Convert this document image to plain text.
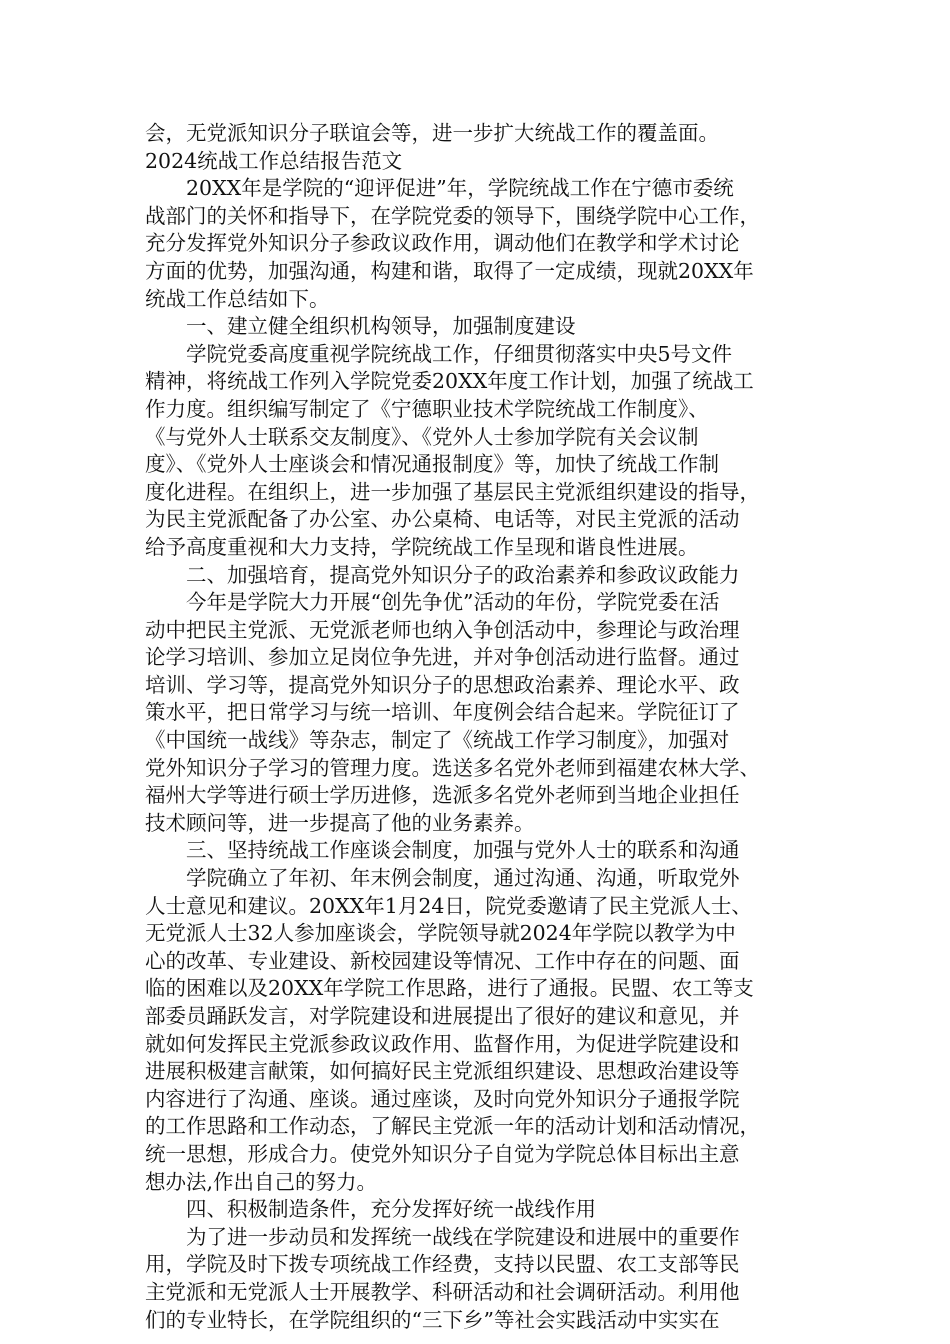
会，无党派知识分子联谊会等，进一步扩大统战工作的覆盖面。
2024统战工作总结报告范文
20XX年是学院的“迎评促进”年，学院统战工作在宁德市委统
战部门的关怀和指导下，在学院党委的领导下，围绕学院中心工作，
充分发挥党外知识分子参政议政作用，调动他们在教学和学术讨论
方面的优势，加强沟通，构建和谐，取得了一定成绩，现就20XX年
统战工作总结如下。
一、建立健全组织机构领导，加强制度建设
学院党委高度重视学院统战工作，仔细贯彻落实中央5号文件
精神，将统战工作列入学院党委20XX年度工作计划，加强了统战工
作力度。组织编写制定了《宁德职业技术学院统战工作制度》、
《与党外人士联系交友制度》、《党外人士参加学院有关会议制
度》、《党外人士座谈会和情况通报制度》等，加快了统战工作制
度化进程。在组织上，进一步加强了基层民主党派组织建设的指导，
为民主党派配备了办公室、办公桌椅、电话等，对民主党派的活动
给予高度重视和大力支持，学院统战工作呈现和谐良性进展。
二、加强培育，提高党外知识分子的政治素养和参政议政能力
今年是学院大力开展“创先争优”活动的年份，学院党委在活
动中把民主党派、无党派老师也纳入争创活动中，参理论与政治理
论学习培训、参加立足岗位争先进，并对争创活动进行监督。通过
培训、学习等，提高党外知识分子的思想政治素养、理论水平、政
策水平，把日常学习与统一培训、年度例会结合起来。学院征订了
《中国统一战线》等杂志，制定了《统战工作学习制度》，加强对
党外知识分子学习的管理力度。选送多名党外老师到福建农林大学、
福州大学等进行硕士学历进修，选派多名党外老师到当地企业担任
技术顾问等，进一步提高了他的业务素养。
三、坚持统战工作座谈会制度，加强与党外人士的联系和沟通
学院确立了年初、年末例会制度，通过沟通、沟通，听取党外
人士意见和建议。20XX年1月24日，院党委邀请了民主党派人士、
无党派人士32人参加座谈会，学院领导就2024年学院以教学为中
心的改革、专业建设、新校园建设等情况、工作中存在的问题、面
临的困难以及20XX年学院工作思路，进行了通报。民盟、农工等支
部委员踊跃发言，对学院建设和进展提出了很好的建议和意见，并
就如何发挥民主党派参政议政作用、监督作用，为促进学院建设和
进展积极建言献策，如何搞好民主党派组织建设、思想政治建设等
内容进行了沟通、座谈。通过座谈，及时向党外知识分子通报学院
的工作思路和工作动态，了解民主党派一年的活动计划和活动情况，
统一思想，形成合力。使党外知识分子自觉为学院总体目标出主意
想办法,作出自己的努力。
四、积极制造条件，充分发挥好统一战线作用
为了进一步动员和发挥统一战线在学院建设和进展中的重要作
用，学院及时下拨专项统战工作经费，支持以民盟、农工支部等民
主党派和无党派人士开展教学、科研活动和社会调研活动。利用他
们的专业特长，在学院组织的“三下乡”等社会实践活动中实实在
